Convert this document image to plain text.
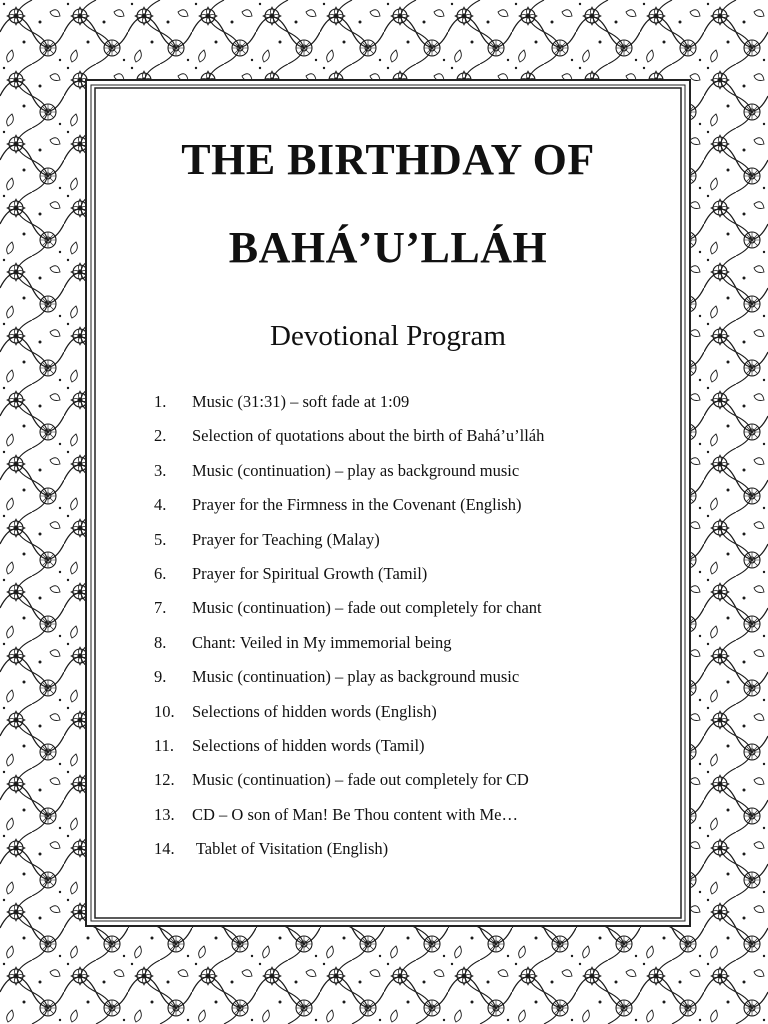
THE BIRTHDAY OF
BAHÁ’U’LLÁH
Devotional Program
1. Music (31:31) – soft fade at 1:09
2. Selection of quotations about the birth of Bahá’u’lláh
3. Music (continuation) – play as background music
4. Prayer for the Firmness in the Covenant (English)
5. Prayer for Teaching (Malay)
6. Prayer for Spiritual Growth (Tamil)
7. Music (continuation) – fade out completely for chant
8. Chant: Veiled in My immemorial being
9. Music (continuation) – play as background music
10. Selections of hidden words (English)
11. Selections of hidden words (Tamil)
12. Music (continuation) – fade out completely for CD
13. CD – O son of Man! Be Thou content with Me…
14. Tablet of Visitation (English)
